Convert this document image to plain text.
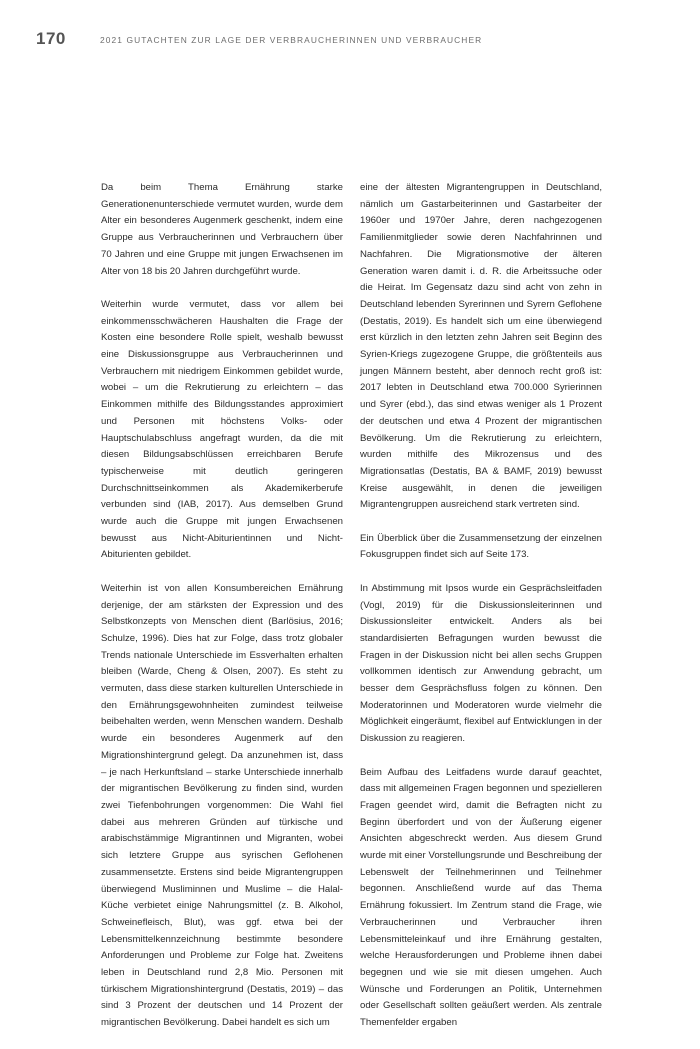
170	2021 GUTACHTEN ZUR LAGE DER VERBRAUCHERINNEN UND VERBRAUCHER

Da beim Thema Ernährung starke Generationenunterschiede vermutet wurden, wurde dem Alter ein besonderes Augenmerk geschenkt, indem eine Gruppe aus Verbraucherinnen und Verbrauchern über 70 Jahren und eine Gruppe mit jungen Erwachsenen im Alter von 18 bis 20 Jahren durchgeführt wurde.

Weiterhin wurde vermutet, dass vor allem bei einkommensschwächeren Haushalten die Frage der Kosten eine besondere Rolle spielt, weshalb bewusst eine Diskussionsgruppe aus Verbraucherinnen und Verbrauchern mit niedrigem Einkommen gebildet wurde, wobei – um die Rekrutierung zu erleichtern – das Einkommen mithilfe des Bildungsstandes approximiert und Personen mit höchstens Volks- oder Hauptschulabschluss angefragt wurden, da die mit diesen Bildungsabschlüssen erreichbaren Berufe typischerweise mit deutlich geringeren Durchschnittseinkommen als Akademikerberufe verbunden sind (IAB, 2017). Aus demselben Grund wurde auch die Gruppe mit jungen Erwachsenen bewusst aus Nicht-Abiturientinnen und Nicht-Abiturienten gebildet.

Weiterhin ist von allen Konsumbereichen Ernährung derjenige, der am stärksten der Expression und des Selbstkonzepts von Menschen dient (Barlösius, 2016; Schulze, 1996). Dies hat zur Folge, dass trotz globaler Trends nationale Unterschiede im Essverhalten erhalten bleiben (Warde, Cheng & Olsen, 2007). Es steht zu vermuten, dass diese starken kulturellen Unterschiede in den Ernährungsgewohnheiten zumindest teilweise beibehalten werden, wenn Menschen wandern. Deshalb wurde ein besonderes Augenmerk auf den Migrationshintergrund gelegt. Da anzunehmen ist, dass – je nach Herkunftsland – starke Unterschiede innerhalb der migrantischen Bevölkerung zu finden sind, wurden zwei Tiefenbohrungen vorgenommen: Die Wahl fiel dabei aus mehreren Gründen auf türkische und arabischstämmige Migrantinnen und Migranten, wobei sich letztere Gruppe aus syrischen Geflohenen zusammensetzte. Erstens sind beide Migrantengruppen überwiegend Musliminnen und Muslime – die Halal-Küche verbietet einige Nahrungsmittel (z. B. Alkohol, Schweinefleisch, Blut), was ggf. etwa bei der Lebensmittelkennzeichnung bestimmte besondere Anforderungen und Probleme zur Folge hat. Zweitens leben in Deutschland rund 2,8 Mio. Personen mit türkischem Migrationshintergrund (Destatis, 2019) – das sind 3 Prozent der deutschen und 14 Prozent der migrantischen Bevölkerung. Dabei handelt es sich um

eine der ältesten Migrantengruppen in Deutschland, nämlich um Gastarbeiterinnen und Gastarbeiter der 1960er und 1970er Jahre, deren nachgezogenen Familienmitglieder sowie deren Nachfahrinnen und Nachfahren. Die Migrationsmotive der älteren Generation waren damit i. d. R. die Arbeitssuche oder die Heirat. Im Gegensatz dazu sind acht von zehn in Deutschland lebenden Syrerinnen und Syrern Geflohene (Destatis, 2019). Es handelt sich um eine überwiegend erst kürzlich in den letzten zehn Jahren seit Beginn des Syrien-Kriegs zugezogene Gruppe, die größtenteils aus jungen Männern besteht, aber dennoch recht groß ist: 2017 lebten in Deutschland etwa 700.000 Syrierinnen und Syrer (ebd.), das sind etwas weniger als 1 Prozent der deutschen und etwa 4 Prozent der migrantischen Bevölkerung. Um die Rekrutierung zu erleichtern, wurden mithilfe des Mikrozensus und des Migrationsatlas (Destatis, BA & BAMF, 2019) bewusst Kreise ausgewählt, in denen die jeweiligen Migrantengruppen ausreichend stark vertreten sind.

Ein Überblick über die Zusammensetzung der einzelnen Fokusgruppen findet sich auf Seite 173.

In Abstimmung mit Ipsos wurde ein Gesprächsleitfaden (Vogl, 2019) für die Diskussionsleiterinnen und Diskussionsleiter entwickelt. Anders als bei standardisierten Befragungen wurden bewusst die Fragen in der Diskussion nicht bei allen sechs Gruppen vollkommen identisch zur Anwendung gebracht, um besser dem Gesprächsfluss folgen zu können. Den Moderatorinnen und Moderatoren wurde vielmehr die Möglichkeit eingeräumt, flexibel auf Entwicklungen in der Diskussion zu reagieren.

Beim Aufbau des Leitfadens wurde darauf geachtet, dass mit allgemeinen Fragen begonnen und spezielleren Fragen geendet wird, damit die Befragten nicht zu Beginn überfordert und von der Äußerung eigener Ansichten abgeschreckt werden. Aus diesem Grund wurde mit einer Vorstellungsrunde und Beschreibung der Lebenswelt der Teilnehmerinnen und Teilnehmer begonnen. Anschließend wurde auf das Thema Ernährung fokussiert. Im Zentrum stand die Frage, wie Verbraucherinnen und Verbraucher ihren Lebensmitteleinkauf und ihre Ernährung gestalten, welche Herausforderungen und Probleme ihnen dabei begegnen und wie sie mit diesen umgehen. Auch Wünsche und Forderungen an Politik, Unternehmen oder Gesellschaft sollten geäußert werden. Als zentrale Themenfelder ergaben
